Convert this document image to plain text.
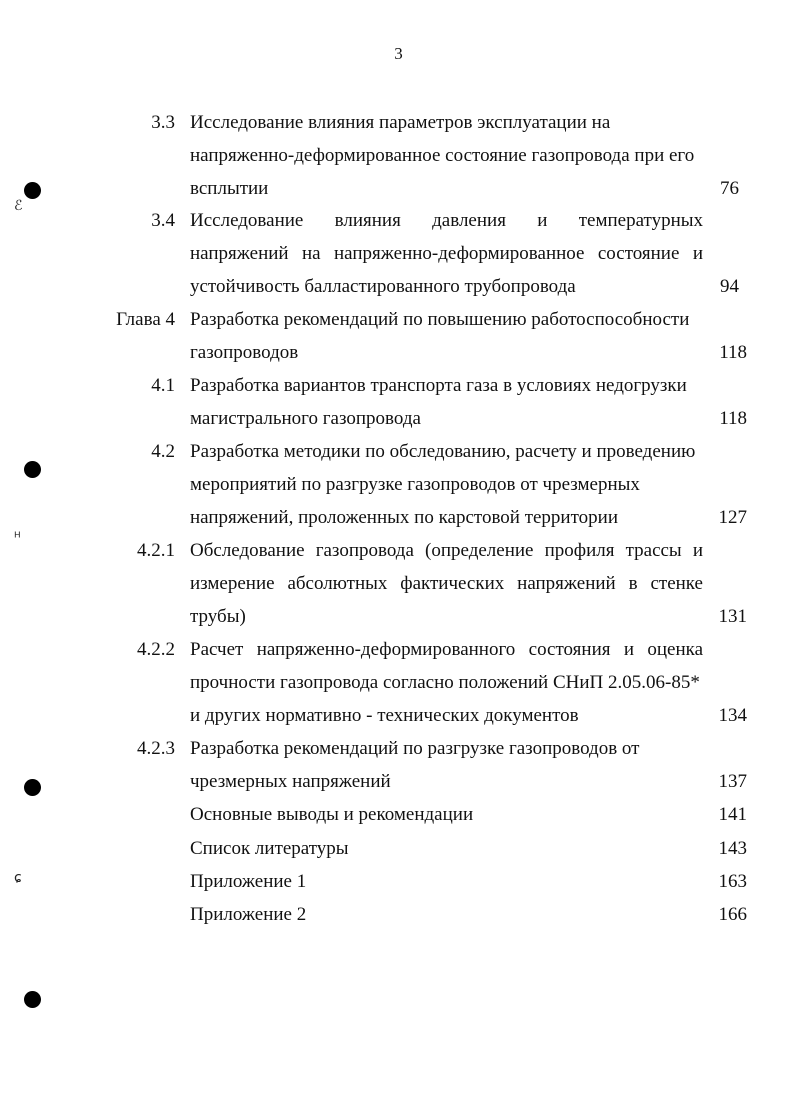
3
3.3 Исследование влияния параметров эксплуатации на
напряженно-деформированное состояние газопровода при его
всплытии	76
3.4 Исследование влияния давления и температурных
напряжений на напряженно-деформированное состояние и
устойчивость балластированного трубопровода	94
Глава 4 Разработка рекомендаций по повышению работоспособности
газопроводов	118
4.1 Разработка вариантов транспорта газа в условиях недогрузки
магистрального газопровода	118
4.2 Разработка методики по обследованию, расчету и проведению
мероприятий по разгрузке газопроводов от чрезмерных
напряжений, проложенных по карстовой территории	127
4.2.1 Обследование газопровода (определение профиля трассы и
измерение абсолютных фактических напряжений в стенке
трубы)	131
4.2.2 Расчет напряженно-деформированного состояния и оценка
прочности газопровода согласно положений СНиП 2.05.06-85*
и других нормативно - технических документов	134
4.2.3 Разработка рекомендаций по разгрузке газопроводов от
чрезмерных напряжений	137
Основные выводы и рекомендации	141
Список литературы	143
Приложение 1	163
Приложение 2	166
ℰ
ᵸ
ɕ
